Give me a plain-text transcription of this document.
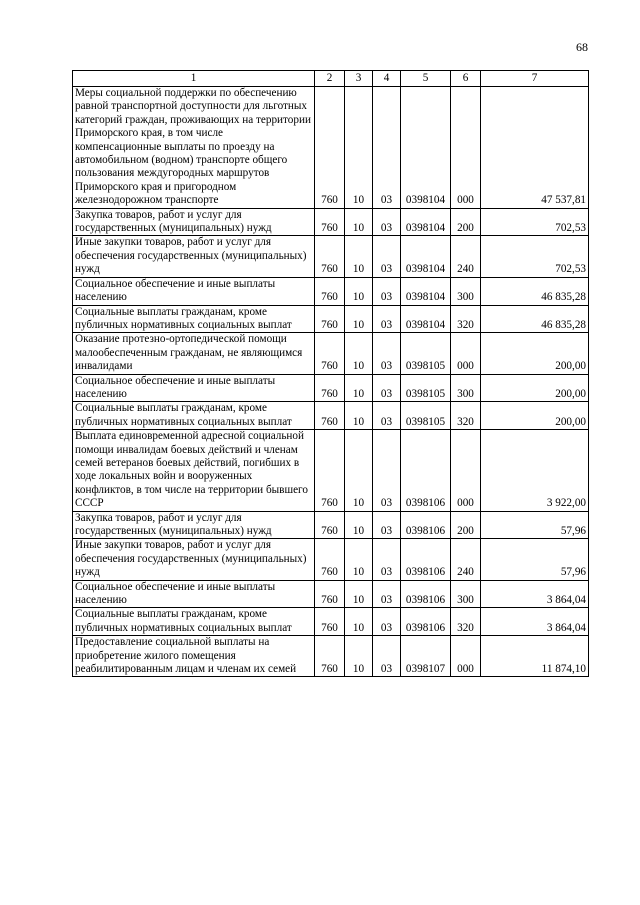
68
1	2	3	4	5	6	7
Меры социальной поддержки по обеспечению равной транспортной доступности для льготных категорий граждан, проживающих на территории Приморского края, в том числе компенсационные выплаты по проезду на автомобильном (водном) транспорте общего пользования междугородных маршрутов Приморского края и пригородном железнодорожном транспорте	760	10	03	0398104	000	47 537,81
Закупка товаров, работ и услуг для государственных (муниципальных) нужд	760	10	03	0398104	200	702,53
Иные закупки товаров, работ и услуг для обеспечения государственных (муниципальных) нужд	760	10	03	0398104	240	702,53
Социальное обеспечение и иные выплаты населению	760	10	03	0398104	300	46 835,28
Социальные выплаты гражданам, кроме публичных нормативных социальных выплат	760	10	03	0398104	320	46 835,28
Оказание протезно-ортопедической помощи малообеспеченным гражданам, не являющимся инвалидами	760	10	03	0398105	000	200,00
Социальное обеспечение и иные выплаты населению	760	10	03	0398105	300	200,00
Социальные выплаты гражданам, кроме публичных нормативных социальных выплат	760	10	03	0398105	320	200,00
Выплата единовременной адресной социальной помощи инвалидам боевых действий и членам семей ветеранов боевых действий, погибших в ходе локальных войн и вооруженных конфликтов, в том числе на территории бывшего СССР	760	10	03	0398106	000	3 922,00
Закупка товаров, работ и услуг для государственных (муниципальных) нужд	760	10	03	0398106	200	57,96
Иные закупки товаров, работ и услуг для обеспечения государственных (муниципальных) нужд	760	10	03	0398106	240	57,96
Социальное обеспечение и иные выплаты населению	760	10	03	0398106	300	3 864,04
Социальные выплаты гражданам, кроме публичных нормативных социальных выплат	760	10	03	0398106	320	3 864,04
Предоставление социальной выплаты на приобретение жилого помещения реабилитированным лицам и членам их семей	760	10	03	0398107	000	11 874,10
